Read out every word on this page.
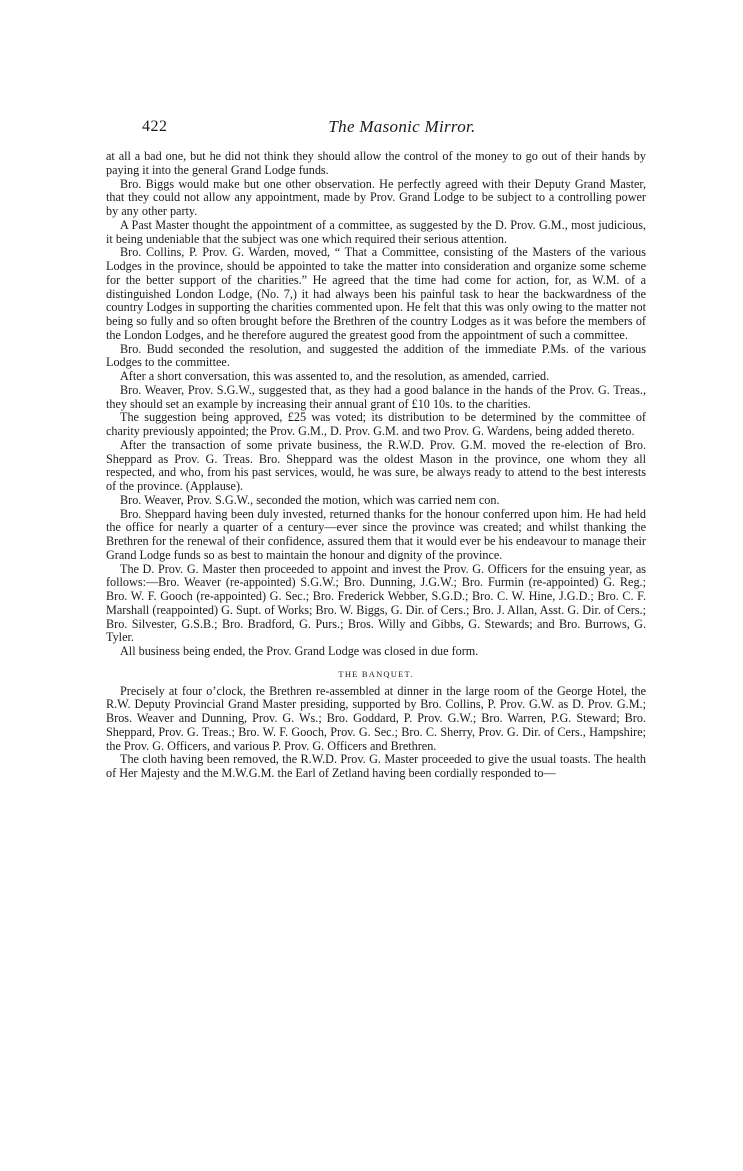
422	The Masonic Mirror.

at all a bad one, but he did not think they should allow the control of the money to go out of their hands by paying it into the general Grand Lodge funds.

Bro. Biggs would make but one other observation. He perfectly agreed with their Deputy Grand Master, that they could not allow any appointment, made by Prov. Grand Lodge to be subject to a controlling power by any other party.

A Past Master thought the appointment of a committee, as suggested by the D. Prov. G.M., most judicious, it being undeniable that the subject was one which required their serious attention.

Bro. Collins, P. Prov. G. Warden, moved, “ That a Committee, consisting of the Masters of the various Lodges in the province, should be appointed to take the matter into consideration and organize some scheme for the better support of the charities.” He agreed that the time had come for action, for, as W.M. of a distinguished London Lodge, (No. 7,) it had always been his painful task to hear the backwardness of the country Lodges in supporting the charities commented upon. He felt that this was only owing to the matter not being so fully and so often brought before the Brethren of the country Lodges as it was before the members of the London Lodges, and he therefore augured the greatest good from the appointment of such a committee.

Bro. Budd seconded the resolution, and suggested the addition of the immediate P.Ms. of the various Lodges to the committee.

After a short conversation, this was assented to, and the resolution, as amended, carried.

Bro. Weaver, Prov. S.G.W., suggested that, as they had a good balance in the hands of the Prov. G. Treas., they should set an example by increasing their annual grant of £10 10s. to the charities.

The suggestion being approved, £25 was voted; its distribution to be determined by the committee of charity previously appointed; the Prov. G.M., D. Prov. G.M. and two Prov. G. Wardens, being added thereto.

After the transaction of some private business, the R.W.D. Prov. G.M. moved the re-election of Bro. Sheppard as Prov. G. Treas. Bro. Sheppard was the oldest Mason in the province, one whom they all respected, and who, from his past services, would, he was sure, be always ready to attend to the best interests of the province. (Applause).

Bro. Weaver, Prov. S.G.W., seconded the motion, which was carried nem con.

Bro. Sheppard having been duly invested, returned thanks for the honour conferred upon him. He had held the office for nearly a quarter of a century—ever since the province was created; and whilst thanking the Brethren for the renewal of their confidence, assured them that it would ever be his endeavour to manage their Grand Lodge funds so as best to maintain the honour and dignity of the province.

The D. Prov. G. Master then proceeded to appoint and invest the Prov. G. Officers for the ensuing year, as follows:—Bro. Weaver (re-appointed) S.G.W.; Bro. Dunning, J.G.W.; Bro. Furmin (re-appointed) G. Reg.; Bro. W. F. Gooch (re-appointed) G. Sec.; Bro. Frederick Webber, S.G.D.; Bro. C. W. Hine, J.G.D.; Bro. C. F. Marshall (reappointed) G. Supt. of Works; Bro. W. Biggs, G. Dir. of Cers.; Bro. J. Allan, Asst. G. Dir. of Cers.; Bro. Silvester, G.S.B.; Bro. Bradford, G. Purs.; Bros. Willy and Gibbs, G. Stewards; and Bro. Burrows, G. Tyler.

All business being ended, the Prov. Grand Lodge was closed in due form.

THE BANQUET.

Precisely at four o’clock, the Brethren re-assembled at dinner in the large room of the George Hotel, the R.W. Deputy Provincial Grand Master presiding, supported by Bro. Collins, P. Prov. G.W. as D. Prov. G.M.; Bros. Weaver and Dunning, Prov. G. Ws.; Bro. Goddard, P. Prov. G.W.; Bro. Warren, P.G. Steward; Bro. Sheppard, Prov. G. Treas.; Bro. W. F. Gooch, Prov. G. Sec.; Bro. C. Sherry, Prov. G. Dir. of Cers., Hampshire; the Prov. G. Officers, and various P. Prov. G. Officers and Brethren.

The cloth having been removed, the R.W.D. Prov. G. Master proceeded to give the usual toasts. The health of Her Majesty and the M.W.G.M. the Earl of Zetland having been cordially responded to—
